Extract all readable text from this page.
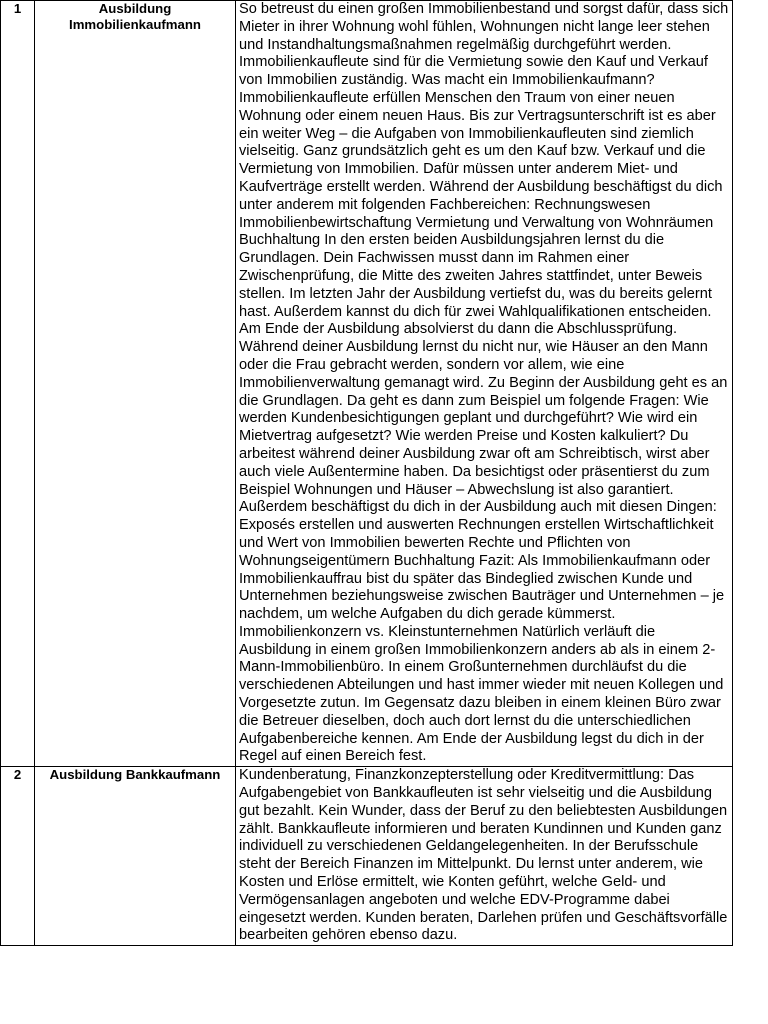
1	Ausbildung Immobilienkaufmann	So betreust du einen großen Immobilienbestand und sorgst dafür, dass sich Mieter in ihrer Wohnung wohl fühlen, Wohnungen nicht lange leer stehen und Instandhaltungsmaßnahmen regelmäßig durchgeführt werden. Immobilienkaufleute sind für die Vermietung sowie den Kauf und Verkauf von Immobilien zuständig. Was macht ein Immobilienkaufmann? Immobilienkaufleute erfüllen Menschen den Traum von einer neuen Wohnung oder einem neuen Haus. Bis zur Vertragsunterschrift ist es aber ein weiter Weg – die Aufgaben von Immobilienkaufleuten sind ziemlich vielseitig. Ganz grundsätzlich geht es um den Kauf bzw. Verkauf und die Vermietung von Immobilien. Dafür müssen unter anderem Miet- und Kaufverträge erstellt werden. Während der Ausbildung beschäftigst du dich unter anderem mit folgenden Fachbereichen: Rechnungswesen Immobilienbewirtschaftung Vermietung und Verwaltung von Wohnräumen Buchhaltung In den ersten beiden Ausbildungsjahren lernst du die Grundlagen. Dein Fachwissen musst dann im Rahmen einer Zwischenprüfung, die Mitte des zweiten Jahres stattfindet, unter Beweis stellen. Im letzten Jahr der Ausbildung vertiefst du, was du bereits gelernt hast. Außerdem kannst du dich für zwei Wahlqualifikationen entscheiden. Am Ende der Ausbildung absolvierst du dann die Abschlussprüfung. Während deiner Ausbildung lernst du nicht nur, wie Häuser an den Mann oder die Frau gebracht werden, sondern vor allem, wie eine Immobilienverwaltung gemanagt wird. Zu Beginn der Ausbildung geht es an die Grundlagen. Da geht es dann zum Beispiel um folgende Fragen: Wie werden Kundenbesichtigungen geplant und durchgeführt? Wie wird ein Mietvertrag aufgesetzt? Wie werden Preise und Kosten kalkuliert? Du arbeitest während deiner Ausbildung zwar oft am Schreibtisch, wirst aber auch viele Außentermine haben. Da besichtigst oder präsentierst du zum Beispiel Wohnungen und Häuser – Abwechslung ist also garantiert. Außerdem beschäftigst du dich in der Ausbildung auch mit diesen Dingen: Exposés erstellen und auswerten Rechnungen erstellen Wirtschaftlichkeit und Wert von Immobilien bewerten Rechte und Pflichten von Wohnungseigentümern Buchhaltung Fazit: Als Immobilienkaufmann oder Immobilienkauffrau bist du später das Bindeglied zwischen Kunde und Unternehmen beziehungsweise zwischen Bauträger und Unternehmen – je nachdem, um welche Aufgaben du dich gerade kümmerst. Immobilienkonzern vs. Kleinstunternehmen Natürlich verläuft die Ausbildung in einem großen Immobilienkonzern anders ab als in einem 2-Mann-Immobilienbüro. In einem Großunternehmen durchläufst du die verschiedenen Abteilungen und hast immer wieder mit neuen Kollegen und Vorgesetzte zutun. Im Gegensatz dazu bleiben in einem kleinen Büro zwar die Betreuer dieselben, doch auch dort lernst du die unterschiedlichen Aufgabenbereiche kennen. Am Ende der Ausbildung legst du dich in der Regel auf einen Bereich fest.
2	Ausbildung Bankkaufmann	Kundenberatung, Finanzkonzepterstellung oder Kreditvermittlung: Das Aufgabengebiet von Bankkaufleuten ist sehr vielseitig und die Ausbildung gut bezahlt. Kein Wunder, dass der Beruf zu den beliebtesten Ausbildungen zählt. Bankkaufleute informieren und beraten Kundinnen und Kunden ganz individuell zu verschiedenen Geldangelegenheiten. In der Berufsschule steht der Bereich Finanzen im Mittelpunkt. Du lernst unter anderem, wie Kosten und Erlöse ermittelt, wie Konten geführt, welche Geld- und Vermögensanlagen angeboten und welche EDV-Programme dabei eingesetzt werden. Kunden beraten, Darlehen prüfen und Geschäftsvorfälle bearbeiten gehören ebenso dazu.
